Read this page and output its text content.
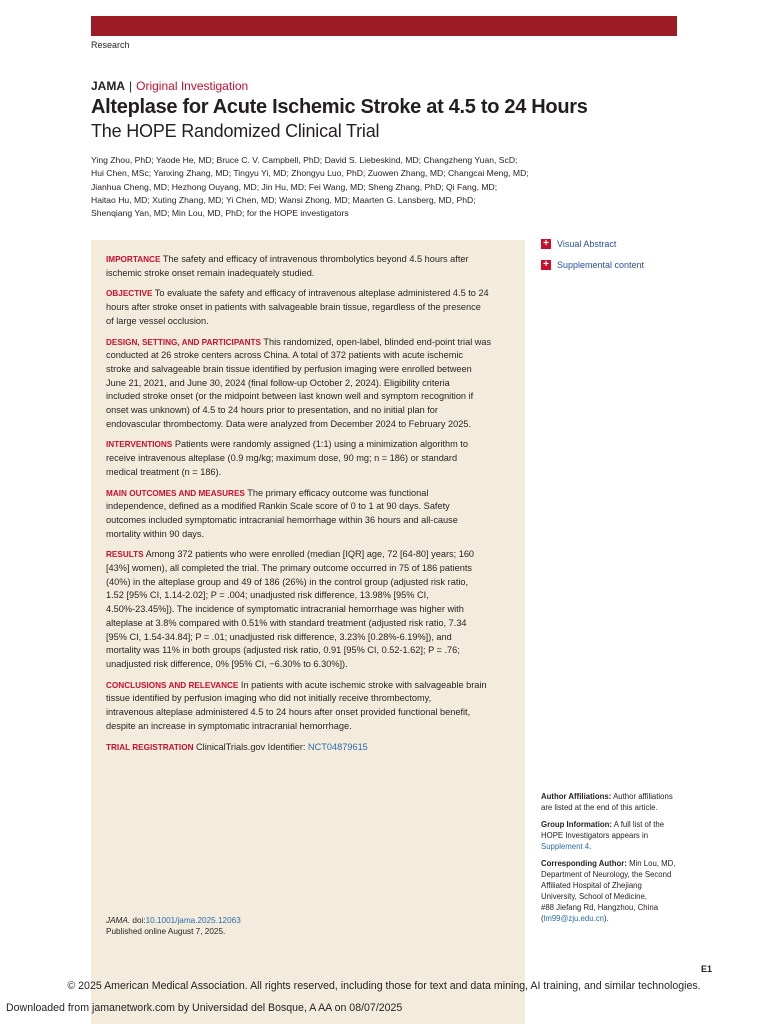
Research
JAMA | Original Investigation
Alteplase for Acute Ischemic Stroke at 4.5 to 24 Hours
The HOPE Randomized Clinical Trial
Ying Zhou, PhD; Yaode He, MD; Bruce C. V. Campbell, PhD; David S. Liebeskind, MD; Changzheng Yuan, ScD;
Hui Chen, MSc; Yanxing Zhang, MD; Tingyu Yi, MD; Zhongyu Luo, PhD; Zuowen Zhang, MD; Changcai Meng, MD;
Jianhua Cheng, MD; Hezhong Ouyang, MD; Jin Hu, MD; Fei Wang, MD; Sheng Zhang, PhD; Qi Fang, MD;
Haitao Hu, MD; Xuting Zhang, MD; Yi Chen, MD; Wansi Zhong, MD; Maarten G. Lansberg, MD, PhD;
Shenqiang Yan, MD; Min Lou, MD, PhD; for the HOPE investigators
IMPORTANCE The safety and efficacy of intravenous thrombolytics beyond 4.5 hours after
ischemic stroke onset remain inadequately studied.
OBJECTIVE To evaluate the safety and efficacy of intravenous alteplase administered 4.5 to 24
hours after stroke onset in patients with salvageable brain tissue, regardless of the presence
of large vessel occlusion.
DESIGN, SETTING, AND PARTICIPANTS This randomized, open-label, blinded end-point trial was
conducted at 26 stroke centers across China. A total of 372 patients with acute ischemic
stroke and salvageable brain tissue identified by perfusion imaging were enrolled between
June 21, 2021, and June 30, 2024 (final follow-up October 2, 2024). Eligibility criteria
included stroke onset (or the midpoint between last known well and symptom recognition if
onset was unknown) of 4.5 to 24 hours prior to presentation, and no initial plan for
endovascular thrombectomy. Data were analyzed from December 2024 to February 2025.
INTERVENTIONS Patients were randomly assigned (1:1) using a minimization algorithm to
receive intravenous alteplase (0.9 mg/kg; maximum dose, 90 mg; n = 186) or standard
medical treatment (n = 186).
MAIN OUTCOMES AND MEASURES The primary efficacy outcome was functional
independence, defined as a modified Rankin Scale score of 0 to 1 at 90 days. Safety
outcomes included symptomatic intracranial hemorrhage within 36 hours and all-cause
mortality within 90 days.
RESULTS Among 372 patients who were enrolled (median [IQR] age, 72 [64-80] years; 160
[43%] women), all completed the trial. The primary outcome occurred in 75 of 186 patients
(40%) in the alteplase group and 49 of 186 (26%) in the control group (adjusted risk ratio,
1.52 [95% CI, 1.14-2.02]; P = .004; unadjusted risk difference, 13.98% [95% CI,
4.50%-23.45%]). The incidence of symptomatic intracranial hemorrhage was higher with
alteplase at 3.8% compared with 0.51% with standard treatment (adjusted risk ratio, 7.34
[95% CI, 1.54-34.84]; P = .01; unadjusted risk difference, 3.23% [0.28%-6.19%]), and
mortality was 11% in both groups (adjusted risk ratio, 0.91 [95% CI, 0.52-1.62]; P = .76;
unadjusted risk difference, 0% [95% CI, −6.30% to 6.30%]).
CONCLUSIONS AND RELEVANCE In patients with acute ischemic stroke with salvageable brain
tissue identified by perfusion imaging who did not initially receive thrombectomy,
intravenous alteplase administered 4.5 to 24 hours after onset provided functional benefit,
despite an increase in symptomatic intracranial hemorrhage.
TRIAL REGISTRATION ClinicalTrials.gov Identifier: NCT04879615
+ Visual Abstract
+ Supplemental content
Author Affiliations: Author affiliations are listed at the end of this article.
Group Information: A full list of the HOPE Investigators appears in Supplement 4.
Corresponding Author: Min Lou, MD,
Department of Neurology, the Second
Affiliated Hospital of Zhejiang
University, School of Medicine,
#88 Jiefang Rd, Hangzhou, China
(lm99@zju.edu.cn).
JAMA. doi:10.1001/jama.2025.12063
Published online August 7, 2025.
E1
© 2025 American Medical Association. All rights reserved, including those for text and data mining, AI training, and similar technologies.
Downloaded from jamanetwork.com by Universidad del Bosque, A AA on 08/07/2025
